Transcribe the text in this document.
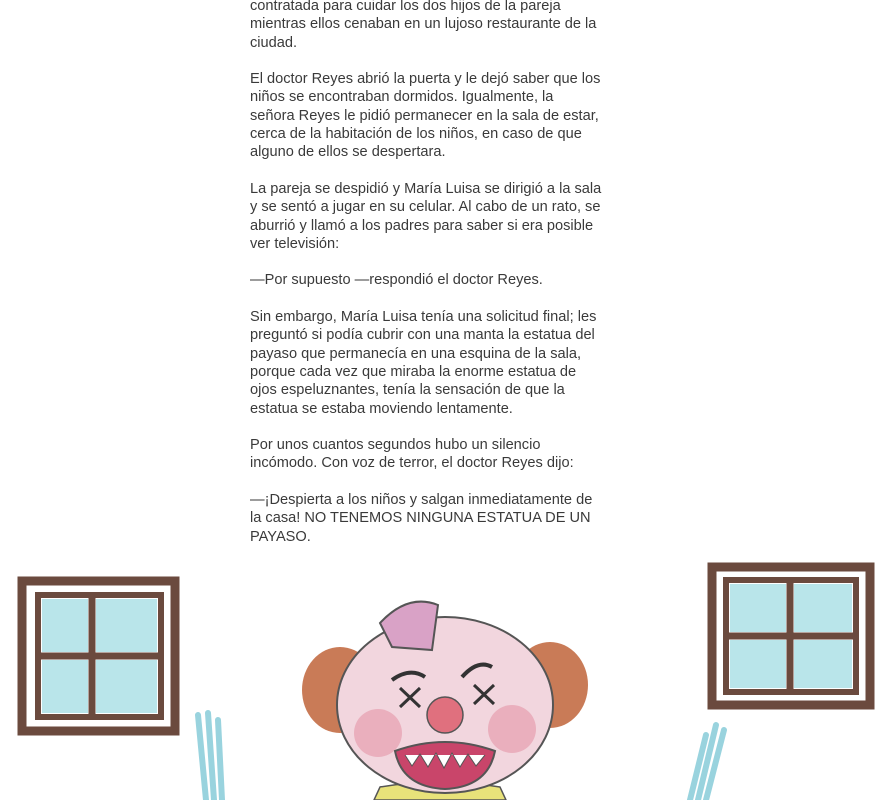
contratada para cuidar los dos hijos de la pareja
mientras ellos cenaban en un lujoso restaurante de la
ciudad.

El doctor Reyes abrió la puerta y le dejó saber que los
niños se encontraban dormidos. Igualmente, la
señora Reyes le pidió permanecer en la sala de estar,
cerca de la habitación de los niños, en caso de que
alguno de ellos se despertara.

La pareja se despidió y María Luisa se dirigió a la sala
y se sentó a jugar en su celular. Al cabo de un rato, se
aburrió y llamó a los padres para saber si era posible
ver televisión:

—Por supuesto —respondió el doctor Reyes.

Sin embargo, María Luisa tenía una solicitud final; les
preguntó si podía cubrir con una manta la estatua del
payaso que permanecía en una esquina de la sala,
porque cada vez que miraba la enorme estatua de
ojos espeluznantes, tenía la sensación de que la
estatua se estaba moviendo lentamente.

Por unos cuantos segundos hubo un silencio
incómodo. Con voz de terror, el doctor Reyes dijo:

—¡Despierta a los niños y salgan inmediatamente de
la casa! NO TENEMOS NINGUNA ESTATUA DE UN
PAYASO.
